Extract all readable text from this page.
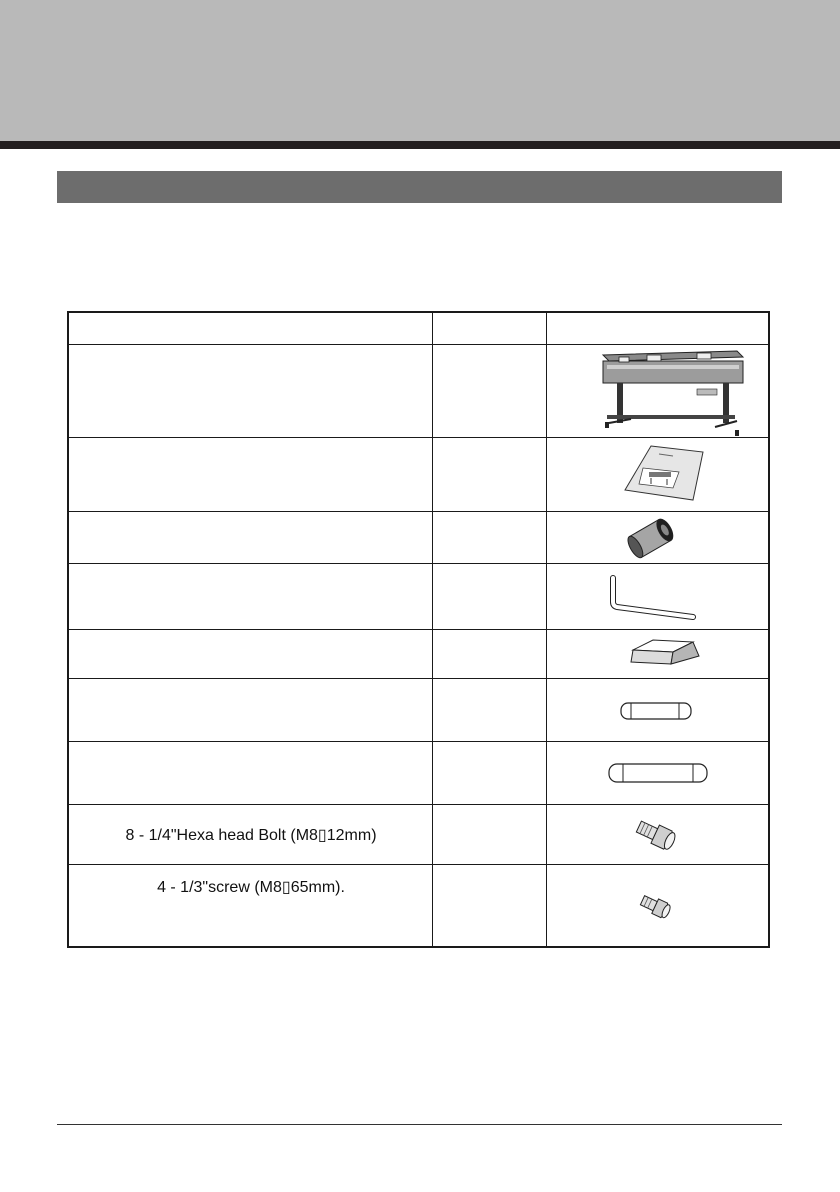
8 - 1/4"Hexa head Bolt (M8▯12mm)
4 - 1/3"screw (M8▯65mm).
